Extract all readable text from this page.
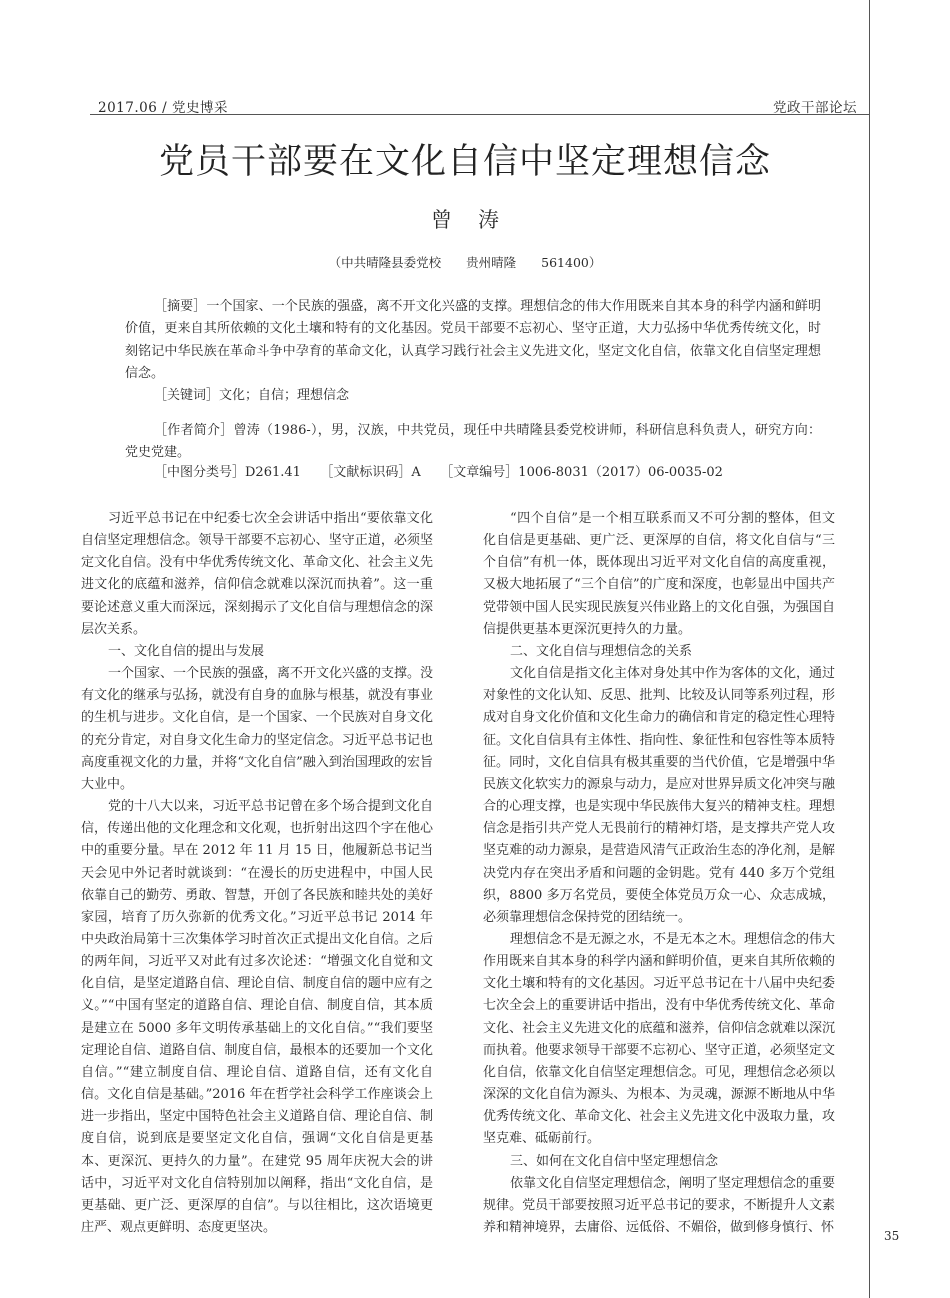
2017.06 / 党史博采	党政干部论坛
党员干部要在文化自信中坚定理想信念
曾涛
（中共晴隆县委党校　　贵州晴隆　　561400）
［摘要］一个国家、一个民族的强盛，离不开文化兴盛的支撑。理想信念的伟大作用既来自其本身的科学内涵和鲜明价值，更来自其所依赖的文化土壤和特有的文化基因。党员干部要不忘初心、坚守正道，大力弘扬中华优秀传统文化，时刻铭记中华民族在革命斗争中孕育的革命文化，认真学习践行社会主义先进文化，坚定文化自信，依靠文化自信坚定理想信念。
［关键词］文化；自信；理想信念
［作者简介］曾涛（1986-），男，汉族，中共党员，现任中共晴隆县委党校讲师，科研信息科负责人，研究方向：党史党建。
［中图分类号］D261.41　　［文献标识码］A　　［文章编号］1006-8031（2017）06-0035-02

习近平总书记在中纪委七次全会讲话中指出“要依靠文化自信坚定理想信念。领导干部要不忘初心、坚守正道，必须坚定文化自信。没有中华优秀传统文化、革命文化、社会主义先进文化的底蕴和滋养，信仰信念就难以深沉而执着”。这一重要论述意义重大而深远，深刻揭示了文化自信与理想信念的深层次关系。

一、文化自信的提出与发展

一个国家、一个民族的强盛，离不开文化兴盛的支撑。没有文化的继承与弘扬，就没有自身的血脉与根基，就没有事业的生机与进步。文化自信，是一个国家、一个民族对自身文化的充分肯定，对自身文化生命力的坚定信念。习近平总书记也高度重视文化的力量，并将“文化自信”融入到治国理政的宏旨大业中。

党的十八大以来，习近平总书记曾在多个场合提到文化自信，传递出他的文化理念和文化观，也折射出这四个字在他心中的重要分量。早在 2012 年 11 月 15 日，他履新总书记当天会见中外记者时就谈到：“在漫长的历史进程中，中国人民依靠自己的勤劳、勇敢、智慧，开创了各民族和睦共处的美好家园，培育了历久弥新的优秀文化。”习近平总书记 2014 年中央政治局第十三次集体学习时首次正式提出文化自信。之后的两年间，习近平又对此有过多次论述：“增强文化自觉和文化自信，是坚定道路自信、理论自信、制度自信的题中应有之义。”“中国有坚定的道路自信、理论自信、制度自信，其本质是建立在 5000 多年文明传承基础上的文化自信。”“我们要坚定理论自信、道路自信、制度自信，最根本的还要加一个文化自信。”“建立制度自信、理论自信、道路自信，还有文化自信。文化自信是基础。”2016 年在哲学社会科学工作座谈会上进一步指出，坚定中国特色社会主义道路自信、理论自信、制度自信，说到底是要坚定文化自信，强调“文化自信是更基本、更深沉、更持久的力量”。在建党 95 周年庆祝大会的讲话中，习近平对文化自信特别加以阐释，指出“文化自信，是更基础、更广泛、更深厚的自信”。与以往相比，这次语境更庄严、观点更鲜明、态度更坚决。

“四个自信”是一个相互联系而又不可分割的整体，但文化自信是更基础、更广泛、更深厚的自信，将文化自信与“三个自信”有机一体，既体现出习近平对文化自信的高度重视，又极大地拓展了“三个自信”的广度和深度，也彰显出中国共产党带领中国人民实现民族复兴伟业路上的文化自强，为强国自信提供更基本更深沉更持久的力量。

二、文化自信与理想信念的关系

文化自信是指文化主体对身处其中作为客体的文化，通过对象性的文化认知、反思、批判、比较及认同等系列过程，形成对自身文化价值和文化生命力的确信和肯定的稳定性心理特征。文化自信具有主体性、指向性、象征性和包容性等本质特征。同时，文化自信具有极其重要的当代价值，它是增强中华民族文化软实力的源泉与动力，是应对世界异质文化冲突与融合的心理支撑，也是实现中华民族伟大复兴的精神支柱。理想信念是指引共产党人无畏前行的精神灯塔，是支撑共产党人攻坚克难的动力源泉，是营造风清气正政治生态的净化剂，是解决党内存在突出矛盾和问题的金钥匙。党有 440 多万个党组织，8800 多万名党员，要使全体党员万众一心、众志成城，必须靠理想信念保持党的团结统一。

理想信念不是无源之水，不是无本之木。理想信念的伟大作用既来自其本身的科学内涵和鲜明价值，更来自其所依赖的文化土壤和特有的文化基因。习近平总书记在十八届中央纪委七次全会上的重要讲话中指出，没有中华优秀传统文化、革命文化、社会主义先进文化的底蕴和滋养，信仰信念就难以深沉而执着。他要求领导干部要不忘初心、坚守正道，必须坚定文化自信，依靠文化自信坚定理想信念。可见，理想信念必须以深深的文化自信为源头、为根本、为灵魂，源源不断地从中华优秀传统文化、革命文化、社会主义先进文化中汲取力量，攻坚克难、砥砺前行。

三、如何在文化自信中坚定理想信念

依靠文化自信坚定理想信念，阐明了坚定理想信念的重要规律。党员干部要按照习近平总书记的要求，不断提升人文素养和精神境界，去庸俗、远低俗、不媚俗，做到修身慎行、怀

35
